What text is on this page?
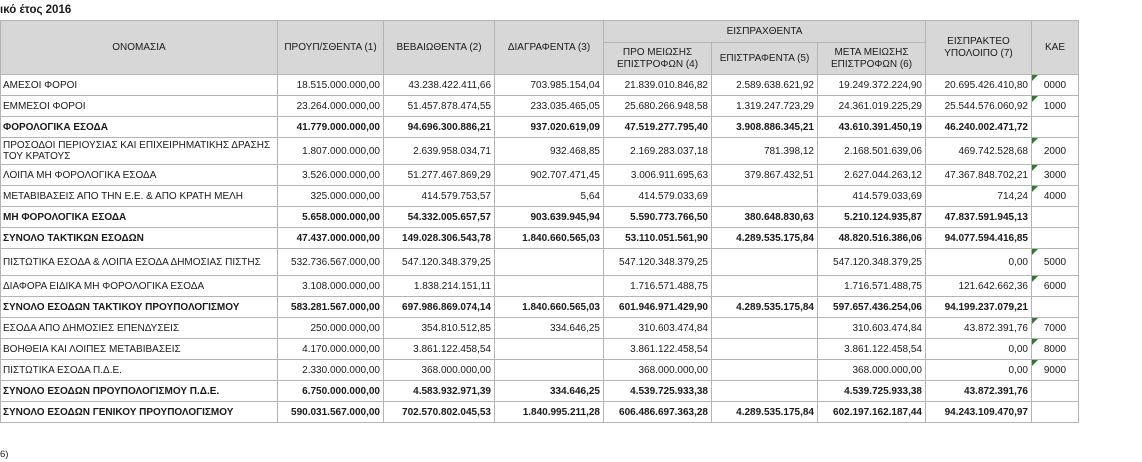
ικό έτος 2016
ΟΝΟΜΑΣΙΑ	ΠΡΟΥΠ/ΣΘΕΝΤΑ (1)	ΒΕΒΑΙΩΘΕΝΤΑ (2)	ΔΙΑΓΡΑΦΕΝΤΑ (3)	ΕΙΣΠΡΑΧΘΕΝΤΑ			ΕΙΣΠΡΑΚΤΕΟ ΥΠΟΛΟΙΠΟ (7)	ΚΑΕ
				ΠΡΟ ΜΕΙΩΣΗΣ ΕΠΙΣΤΡΟΦΩΝ (4)	ΕΠΙΣΤΡΑΦΕΝΤΑ (5)	ΜΕΤΑ ΜΕΙΩΣΗΣ ΕΠΙΣΤΡΟΦΩΝ (6)		
ΑΜΕΣΟΙ ΦΟΡΟΙ	18.515.000.000,00	43.238.422.411,66	703.985.154,04	21.839.010.846,82	2.589.638.621,92	19.249.372.224,90	20.695.426.410,80	0000
ΕΜΜΕΣΟΙ ΦΟΡΟΙ	23.264.000.000,00	51.457.878.474,55	233.035.465,05	25.680.266.948,58	1.319.247.723,29	24.361.019.225,29	25.544.576.060,92	1000
ΦΟΡΟΛΟΓΙΚΑ ΕΣΟΔΑ	41.779.000.000,00	94.696.300.886,21	937.020.619,09	47.519.277.795,40	3.908.886.345,21	43.610.391.450,19	46.240.002.471,72	
ΠΡΟΣΟΔΟΙ ΠΕΡΙΟΥΣΙΑΣ ΚΑΙ ΕΠΙΧΕΙΡΗΜΑΤΙΚΗΣ ΔΡΑΣΗΣ ΤΟΥ ΚΡΑΤΟΥΣ	1.807.000.000,00	2.639.958.034,71	932.468,85	2.169.283.037,18	781.398,12	2.168.501.639,06	469.742.528,68	2000
ΛΟΙΠΑ ΜΗ ΦΟΡΟΛΟΓΙΚΑ ΕΣΟΔΑ	3.526.000.000,00	51.277.467.869,29	902.707.471,45	3.006.911.695,63	379.867.432,51	2.627.044.263,12	47.367.848.702,21	3000
ΜΕΤΑΒΙΒΑΣΕΙΣ ΑΠΟ ΤΗΝ Ε.Ε. & ΑΠΟ ΚΡΑΤΗ ΜΕΛΗ	325.000.000,00	414.579.753,57	5,64	414.579.033,69		414.579.033,69	714,24	4000
ΜΗ ΦΟΡΟΛΟΓΙΚΑ ΕΣΟΔΑ	5.658.000.000,00	54.332.005.657,57	903.639.945,94	5.590.773.766,50	380.648.830,63	5.210.124.935,87	47.837.591.945,13	
ΣΥΝΟΛΟ ΤΑΚΤΙΚΩΝ ΕΣΟΔΩΝ	47.437.000.000,00	149.028.306.543,78	1.840.660.565,03	53.110.051.561,90	4.289.535.175,84	48.820.516.386,06	94.077.594.416,85	
ΠΙΣΤΩΤΙΚΑ ΕΣΟΔΑ & ΛΟΙΠΑ ΕΣΟΔΑ ΔΗΜΟΣΙΑΣ ΠΙΣΤΗΣ	532.736.567.000,00	547.120.348.379,25		547.120.348.379,25		547.120.348.379,25	0,00	5000
ΔΙΑΦΟΡΑ ΕΙΔΙΚΑ ΜΗ ΦΟΡΟΛΟΓΙΚΑ ΕΣΟΔΑ	3.108.000.000,00	1.838.214.151,11		1.716.571.488,75		1.716.571.488,75	121.642.662,36	6000
ΣΥΝΟΛΟ ΕΣΟΔΩΝ ΤΑΚΤΙΚΟΥ ΠΡΟΥΠΟΛΟΓΙΣΜΟΥ	583.281.567.000,00	697.986.869.074,14	1.840.660.565,03	601.946.971.429,90	4.289.535.175,84	597.657.436.254,06	94.199.237.079,21	
ΕΣΟΔΑ ΑΠΟ ΔΗΜΟΣΙΕΣ ΕΠΕΝΔΥΣΕΙΣ	250.000.000,00	354.810.512,85	334.646,25	310.603.474,84		310.603.474,84	43.872.391,76	7000
ΒΟΗΘΕΙΑ ΚΑΙ ΛΟΙΠΕΣ ΜΕΤΑΒΙΒΑΣΕΙΣ	4.170.000.000,00	3.861.122.458,54		3.861.122.458,54		3.861.122.458,54	0,00	8000
ΠΙΣΤΩΤΙΚΑ ΕΣΟΔΑ Π.Δ.Ε.	2.330.000.000,00	368.000.000,00		368.000.000,00		368.000.000,00	0,00	9000
ΣΥΝΟΛΟ ΕΣΟΔΩΝ ΠΡΟΥΠΟΛΟΓΙΣΜΟΥ Π.Δ.Ε.	6.750.000.000,00	4.583.932.971,39	334.646,25	4.539.725.933,38		4.539.725.933,38	43.872.391,76	
ΣΥΝΟΛΟ ΕΣΟΔΩΝ ΓΕΝΙΚΟΥ ΠΡΟΥΠΟΛΟΓΙΣΜΟΥ	590.031.567.000,00	702.570.802.045,53	1.840.995.211,28	606.486.697.363,28	4.289.535.175,84	602.197.162.187,44	94.243.109.470,97	
6)
